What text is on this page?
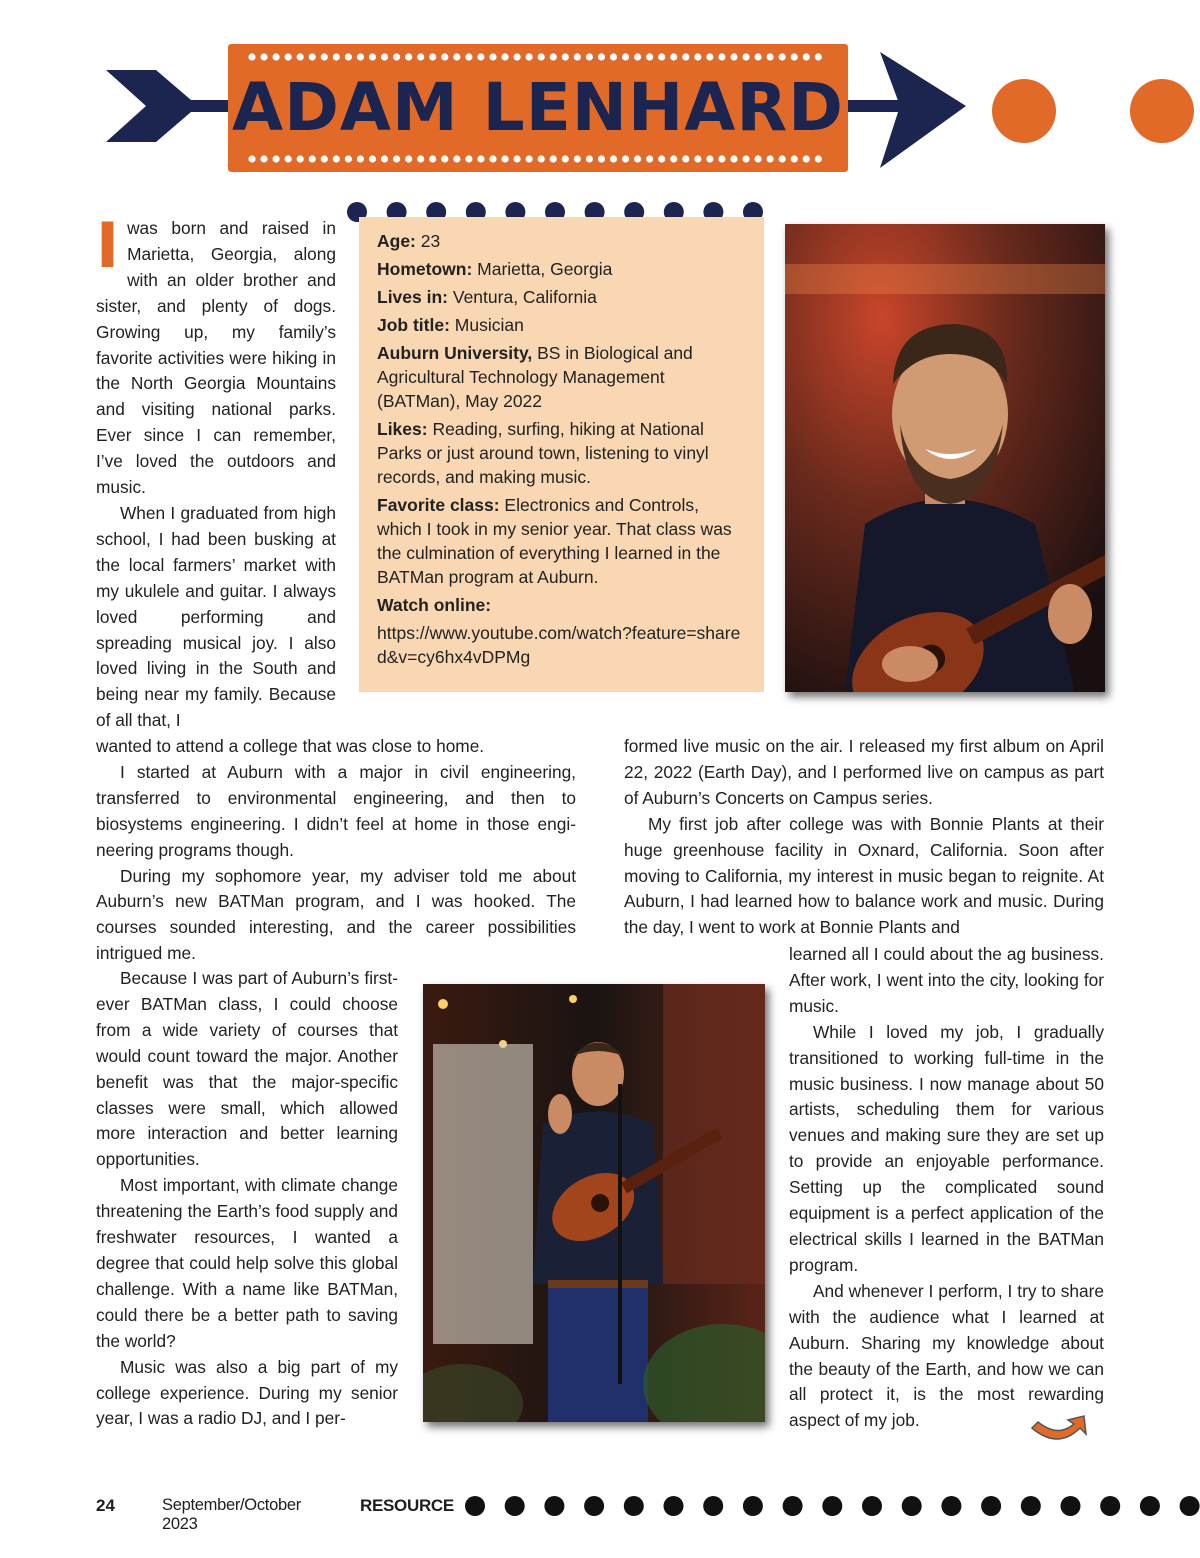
ADAM LENHARD

Iwas born and raised in Marietta, Georgia, along with an older brother and sister, and plenty of dogs. Growing up, my family’s favorite activities were hiking in the North Georgia Mountains and visiting national parks. Ever since I can remember, I’ve loved the outdoors and music.

When I graduated from high school, I had been busking at the local farmers’ market with my ukulele and guitar. I always loved performing and spreading musical joy. I also loved living in the South and being near my family. Because of all that, I

Age: 23
Hometown: Marietta, Georgia
Lives in: Ventura, California
Job title: Musician
Auburn University, BS in Biological and Agricultural Technology Management (BATMan), May 2022
Likes: Reading, surfing, hiking at National Parks or just around town, listening to vinyl records, and making music.
Favorite class: Electronics and Controls, which I took in my senior year. That class was the culmination of everything I learned in the BATMan program at Auburn.
Watch online:
https://www.youtube.com/watch?feature=shared&v=cy6hx4vDPMg

wanted to attend a college that was close to home.

I started at Auburn with a major in civil engineering, transferred to environmental engineering, and then to biosystems engineering. I didn’t feel at home in those engineering programs though.

During my sophomore year, my adviser told me about Auburn’s new BATMan program, and I was hooked. The courses sounded interesting, and the career possibilities intrigued me.

Because I was part of Auburn’s first-ever BATMan class, I could choose from a wide variety of courses that would count toward the major. Another benefit was that the major-specific classes were small, which allowed more interaction and better learning opportunities.

Most important, with climate change threatening the Earth’s food supply and freshwater resources, I wanted a degree that could help solve this global challenge. With a name like BATMan, could there be a better path to saving the world?

Music was also a big part of my college experience. During my senior year, I was a radio DJ, and I per-

formed live music on the air. I released my first album on April 22, 2022 (Earth Day), and I performed live on campus as part of Auburn’s Concerts on Campus series.

My first job after college was with Bonnie Plants at their huge greenhouse facility in Oxnard, California. Soon after moving to California, my interest in music began to reignite. At Auburn, I had learned how to balance work and music. During the day, I went to work at Bonnie Plants and

learned all I could about the ag business. After work, I went into the city, looking for music.

While I loved my job, I gradually transitioned to working full-time in the music business. I now manage about 50 artists, scheduling them for various venues and making sure they are set up to provide an enjoyable performance. Setting up the complicated sound equipment is a perfect application of the electrical skills I learned in the BATMan program.

And whenever I perform, I try to share with the audience what I learned at Auburn. Sharing my knowledge about the beauty of the Earth, and how we can all protect it, is the most rewarding aspect of my job.

24	September/October 2023
RESOURCE
